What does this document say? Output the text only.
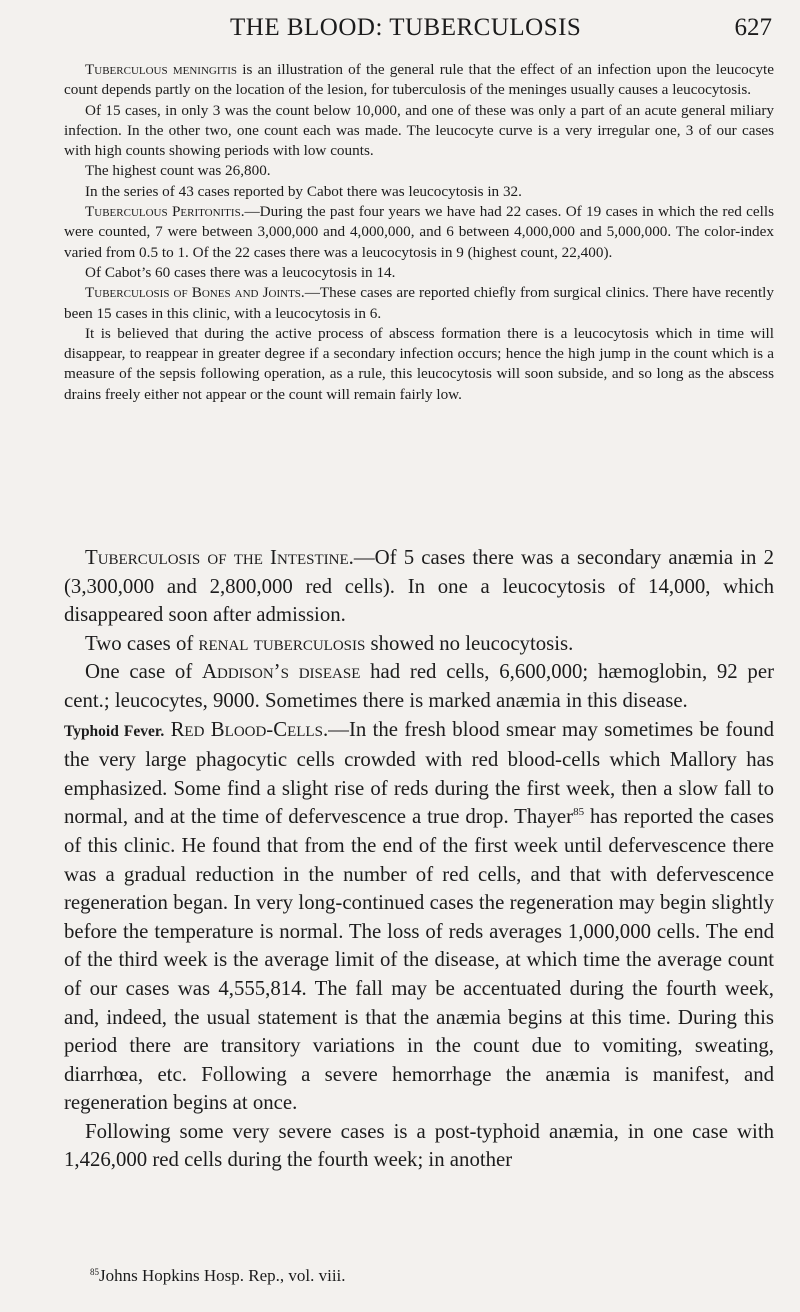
THE BLOOD: TUBERCULOSIS	627

Tuberculous meningitis is an illustration of the general rule that the effect of an infection upon the leucocyte count depends partly on the location of the lesion, for tuberculosis of the meninges usually causes a leucocytosis.

Of 15 cases, in only 3 was the count below 10,000, and one of these was only a part of an acute general miliary infection. In the other two, one count each was made. The leucocyte curve is a very irregular one, 3 of our cases with high counts showing periods with low counts.

The highest count was 26,800.

In the series of 43 cases reported by Cabot there was leucocytosis in 32.

Tuberculous Peritonitis.—During the past four years we have had 22 cases. Of 19 cases in which the red cells were counted, 7 were between 3,000,000 and 4,000,000, and 6 between 4,000,000 and 5,000,000. The color-index varied from 0.5 to 1. Of the 22 cases there was a leucocytosis in 9 (highest count, 22,400).

Of Cabot’s 60 cases there was a leucocytosis in 14.

Tuberculosis of Bones and Joints.—These cases are reported chiefly from surgical clinics. There have recently been 15 cases in this clinic, with a leucocytosis in 6.

It is believed that during the active process of abscess formation there is a leucocytosis which in time will disappear, to reappear in greater degree if a secondary infection occurs; hence the high jump in the count which is a measure of the sepsis following operation, as a rule, this leucocytosis will soon subside, and so long as the abscess drains freely either not appear or the count will remain fairly low.

Tuberculosis of the Intestine.—Of 5 cases there was a secondary anæmia in 2 (3,300,000 and 2,800,000 red cells). In one a leucocytosis of 14,000, which disappeared soon after admission.

Two cases of renal tuberculosis showed no leucocytosis.

One case of Addison’s disease had red cells, 6,600,000; hæmoglobin, 92 per cent.; leucocytes, 9000. Sometimes there is marked anæmia in this disease.

Typhoid Fever. Red Blood-Cells.—In the fresh blood smear may sometimes be found the very large phagocytic cells crowded with red blood-cells which Mallory has emphasized. Some find a slight rise of reds during the first week, then a slow fall to normal, and at the time of defervescence a true drop. Thayer$^{85}$ has reported the cases of this clinic. He found that from the end of the first week until defervescence there was a gradual reduction in the number of red cells, and that with defervescence regeneration began. In very long-continued cases the regeneration may begin slightly before the temperature is normal. The loss of reds averages 1,000,000 cells. The end of the third week is the average limit of the disease, at which time the average count of our cases was 4,555,814. The fall may be accentuated during the fourth week, and, indeed, the usual statement is that the anæmia begins at this time. During this period there are transitory variations in the count due to vomiting, sweating, diarrhœa, etc. Following a severe hemorrhage the anæmia is manifest, and regeneration begins at once.

Following some very severe cases is a post-typhoid anæmia, in one case with 1,426,000 red cells during the fourth week; in another

$^{85}$Johns Hopkins Hosp. Rep., vol. viii.
